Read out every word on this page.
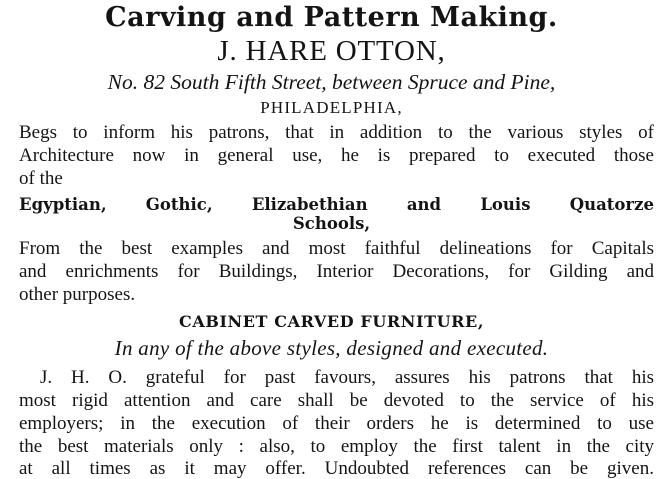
Carving and Pattern Making.
J. HARE OTTON,
No. 82 South Fifth Street, between Spruce and Pine,
PHILADELPHIA,
Begs to inform his patrons, that in addition to the various styles of
Architecture now in general use, he is prepared to executed those
of the
Egyptian, Gothic, Elizabethian and Louis Quatorze
Schools,
From the best examples and most faithful delineations for Capitals
and enrichments for Buildings, Interior Decorations, for Gilding and
other purposes.
CABINET CARVED FURNITURE,
In any of the above styles, designed and executed.
J. H. O. grateful for past favours, assures his patrons that his
most rigid attention and care shall be devoted to the service of his
employers; in the execution of their orders he is determined to use
the best materials only : also, to employ the first talent in the city
at all times as it may offer. Undoubted references can be given.
